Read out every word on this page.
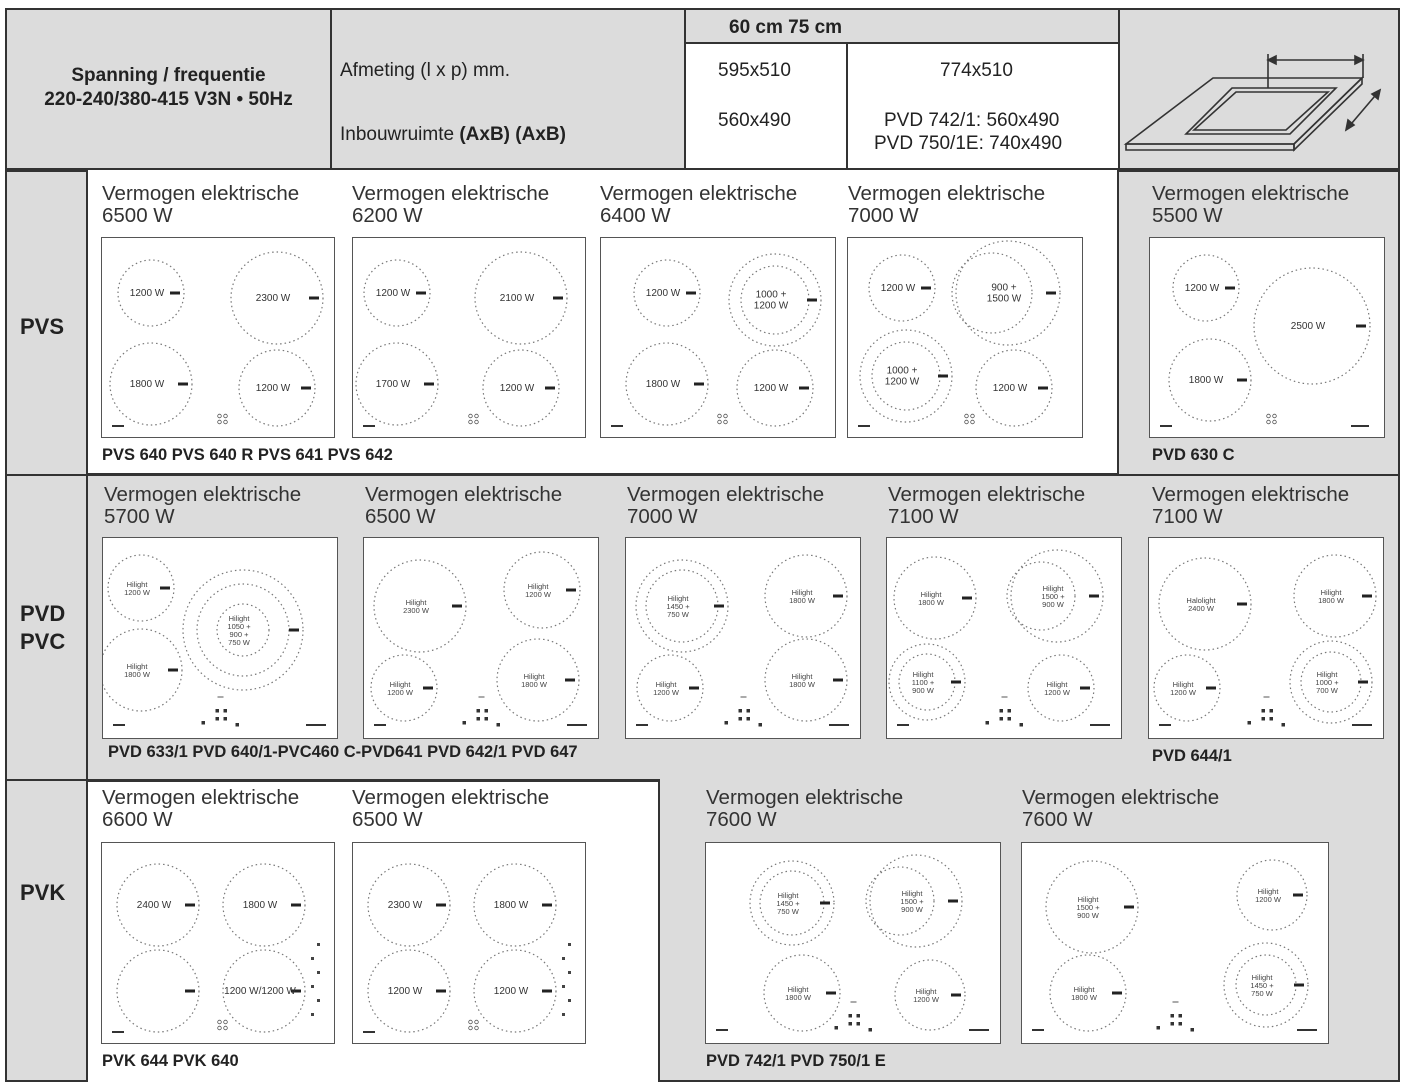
Spanning / frequentie
220-240/380-415 V3N • 50Hz
Afmeting (l x p) mm.
Inbouwruimte (AxB) (AxB)
60 cm 75 cm
595x510	774x510
560x490	PVD 742/1: 560x490
PVD 750/1E: 740x490
PVS
PVD
PVC
PVK
Vermogen elektrische
6500 W
1200 W	2300 W
1800 W	1200 W
Vermogen elektrische
6200 W
1200 W	2100 W
1700 W	1200 W
Vermogen elektrische
6400 W
1200 W	1000 + 1200 W
1800 W	1200 W
Vermogen elektrische
7000 W
1200 W	900 + 1500 W
1000 + 1200 W
1200 W
Vermogen elektrische
5500 W
1200 W
2500 W
1800 W
Vermogen elektrische
5700 W
Hilight 1200 W
Hilight 1050 + 900 + 750 W
Hilight 1800 W
Vermogen elektrische
6500 W
Hilight 2300 W
Hilight 1200 W
Hilight 1200 W
Hilight 1800 W
Vermogen elektrische
7000 W
Hilight 1450 + 750 W
Hilight 1800 W
Hilight 1200 W
Hilight 1800 W
Vermogen elektrische
7100 W
Hilight 1800 W
Hilight 1500 + 900 W
Hilight 1100 + 900 W
Hilight 1200 W
Vermogen elektrische
7100 W
Halolight 2400 W
Hilight 1800 W
Hilight 1200 W
Hilight 1000 + 700 W
Vermogen elektrische
6600 W
2400 W	1800 W
1200 W/1200 W
Vermogen elektrische
6500 W
2300 W	1800 W
1200 W	1200 W
Vermogen elektrische
7600 W
Hilight 1450 + 750 W
Hilight 1500 + 900 W
Hilight 1800 W
Hilight 1200 W
Vermogen elektrische
7600 W
Hilight 1500 + 900 W
Hilight 1200 W
Hilight 1800 W
Hilight 1450 + 750 W
PVS 640 PVS 640 R PVS 641 PVS 642	PVD 630 C
PVD 633/1 PVD 640/1-PVC460 C-PVD641 PVD 642/1 PVD 647	PVD 644/1
PVK 644 PVK 640	PVD 742/1 PVD 750/1 E
